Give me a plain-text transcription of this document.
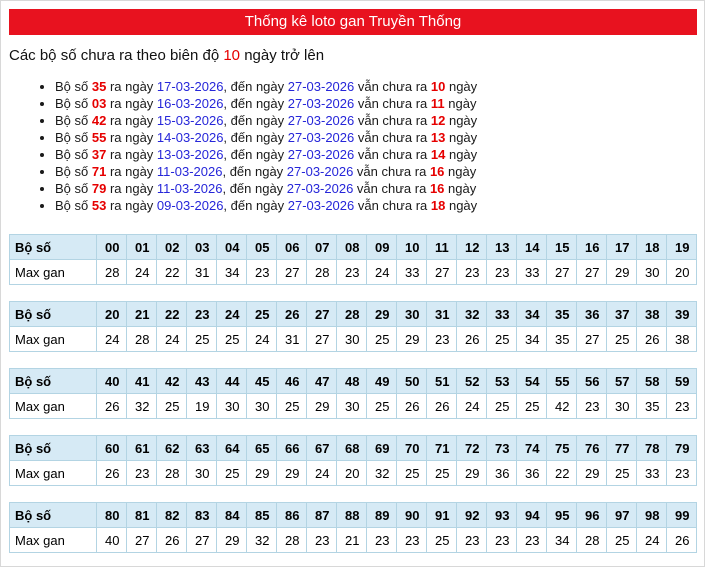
Thống kê loto gan Truyền Thống
Các bộ số chưa ra theo biên độ 10 ngày trở lên
• Bộ số 35 ra ngày 17-03-2026, đến ngày 27-03-2026 vẫn chưa ra 10 ngày
• Bộ số 03 ra ngày 16-03-2026, đến ngày 27-03-2026 vẫn chưa ra 11 ngày
• Bộ số 42 ra ngày 15-03-2026, đến ngày 27-03-2026 vẫn chưa ra 12 ngày
• Bộ số 55 ra ngày 14-03-2026, đến ngày 27-03-2026 vẫn chưa ra 13 ngày
• Bộ số 37 ra ngày 13-03-2026, đến ngày 27-03-2026 vẫn chưa ra 14 ngày
• Bộ số 71 ra ngày 11-03-2026, đến ngày 27-03-2026 vẫn chưa ra 16 ngày
• Bộ số 79 ra ngày 11-03-2026, đến ngày 27-03-2026 vẫn chưa ra 16 ngày
• Bộ số 53 ra ngày 09-03-2026, đến ngày 27-03-2026 vẫn chưa ra 18 ngày
Bộ số	00	01	02	03	04	05	06	07	08	09	10	11	12	13	14	15	16	17	18	19
Max gan	28	24	22	31	34	23	27	28	23	24	33	27	23	23	33	27	27	29	30	20
Bộ số	20	21	22	23	24	25	26	27	28	29	30	31	32	33	34	35	36	37	38	39
Max gan	24	28	24	25	25	24	31	27	30	25	29	23	26	25	34	35	27	25	26	38
Bộ số	40	41	42	43	44	45	46	47	48	49	50	51	52	53	54	55	56	57	58	59
Max gan	26	32	25	19	30	30	25	29	30	25	26	26	24	25	25	42	23	30	35	23
Bộ số	60	61	62	63	64	65	66	67	68	69	70	71	72	73	74	75	76	77	78	79
Max gan	26	23	28	30	25	29	29	24	20	32	25	25	29	36	36	22	29	25	33	23
Bộ số	80	81	82	83	84	85	86	87	88	89	90	91	92	93	94	95	96	97	98	99
Max gan	40	27	26	27	29	32	28	23	21	23	23	25	23	23	23	34	28	25	24	26
